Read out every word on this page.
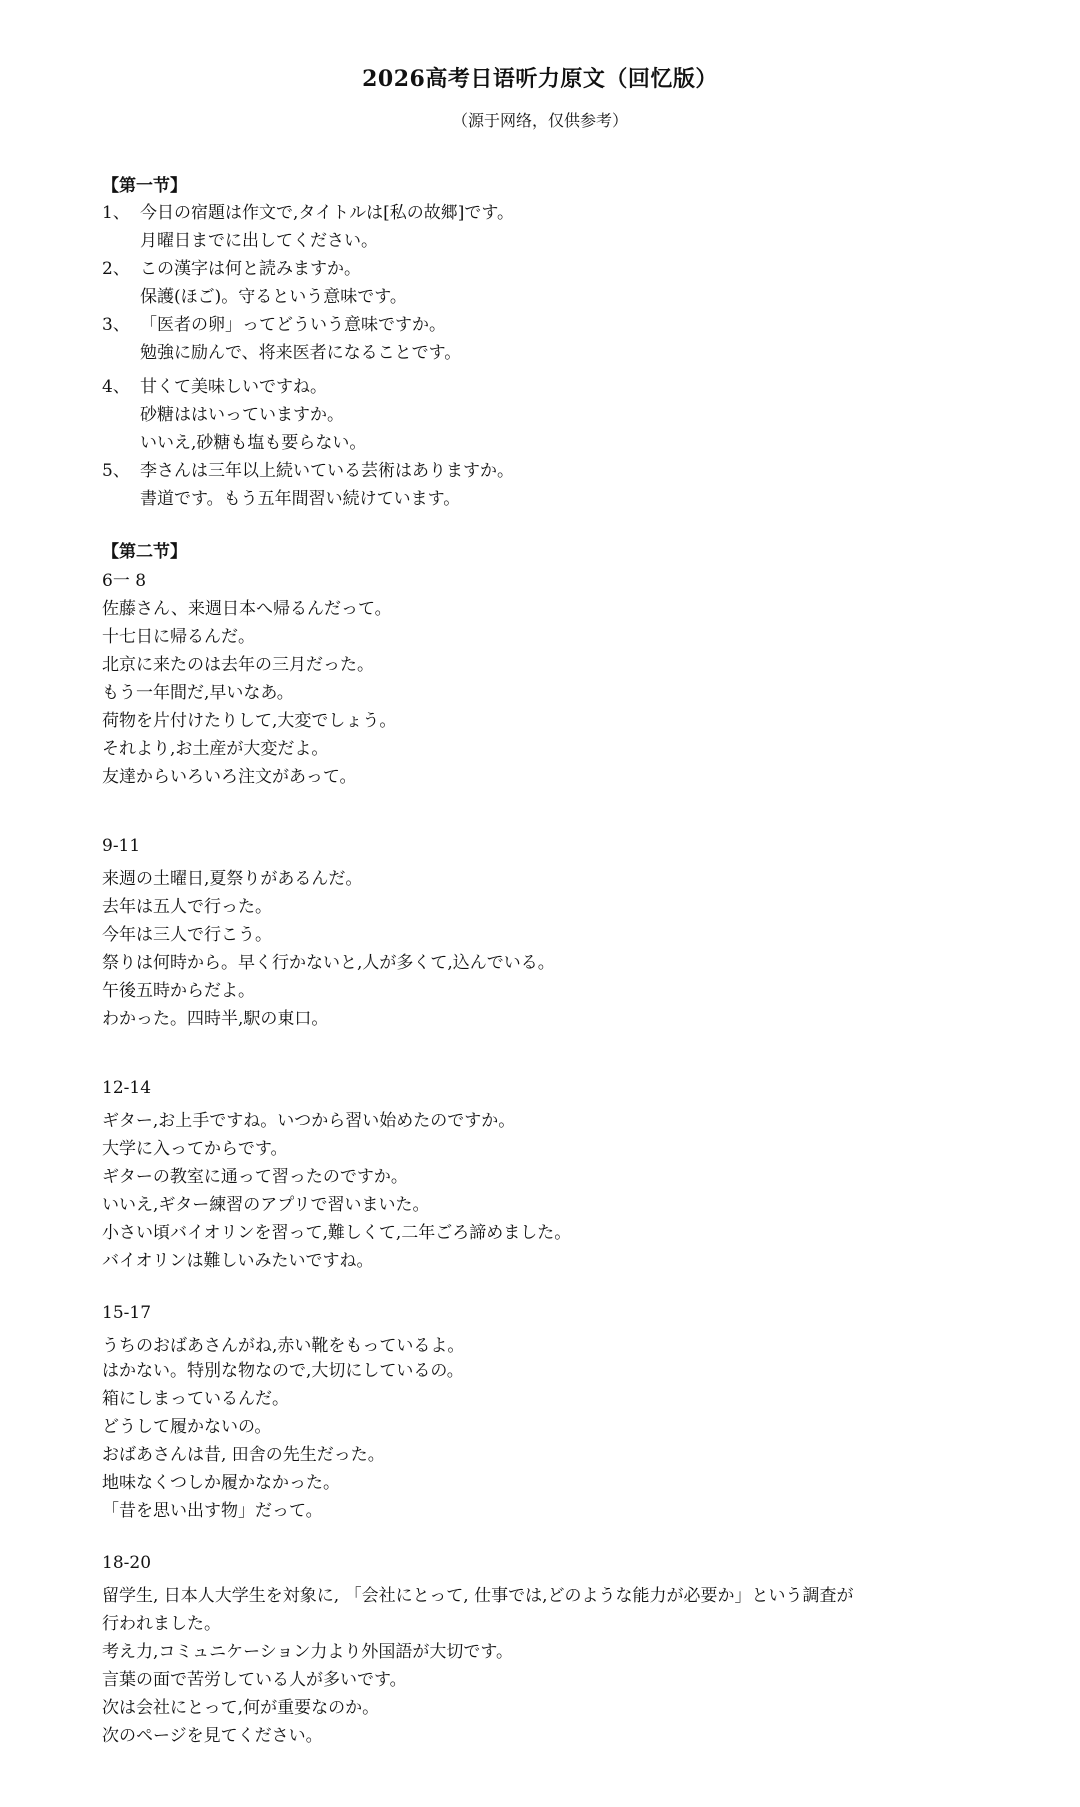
2026高考日语听力原文（回忆版）
（源于网络，仅供参考）
【第一节】
1、 今日の宿題は作文で,タイトルは[私の故郷]です。
月曜日までに出してください。
2、 この漢字は何と読みますか。
保護(ほご)。守るという意味です。
3、 「医者の卵」ってどういう意味ですか。
勉強に励んで、将来医者になることです。
4、 甘くて美味しいですね。
砂糖ははいっていますか。
いいえ,砂糖も塩も要らない。
5、 李さんは三年以上続いている芸術はありますか。
書道です。もう五年間習い続けています。
【第二节】
6一 8
佐藤さん、来週日本へ帰るんだって。
十七日に帰るんだ。
北京に来たのは去年の三月だった。
もう一年間だ,早いなあ。
荷物を片付けたりして,大変でしょう。
それより,お土産が大変だよ。
友達からいろいろ注文があって。
9-11
来週の土曜日,夏祭りがあるんだ。
去年は五人で行った。
今年は三人で行こう。
祭りは何時から。早く行かないと,人が多くて,込んでいる。
午後五時からだよ。
わかった。四時半,駅の東口。
12-14
ギター,お上手ですね。いつから習い始めたのですか。
大学に入ってからです。
ギターの教室に通って習ったのですか。
いいえ,ギター練習のアプリで習いまいた。
小さい頃バイオリンを習って,難しくて,二年ごろ諦めました。
バイオリンは難しいみたいですね。
15-17
うちのおばあさんがね,赤い靴をもっているよ。
はかない。特別な物なので,大切にしているの。
箱にしまっているんだ。
どうして履かないの。
おばあさんは昔, 田舎の先生だった。
地味なくつしか履かなかった。
「昔を思い出す物」だって。
18-20
留学生, 日本人大学生を対象に, 「会社にとって, 仕事では,どのような能力が必要か」という調査が
行われました。
考え力,コミュニケーション力より外国語が大切です。
言葉の面で苦労している人が多いです。
次は会社にとって,何が重要なのか。
次のページを見てください。
